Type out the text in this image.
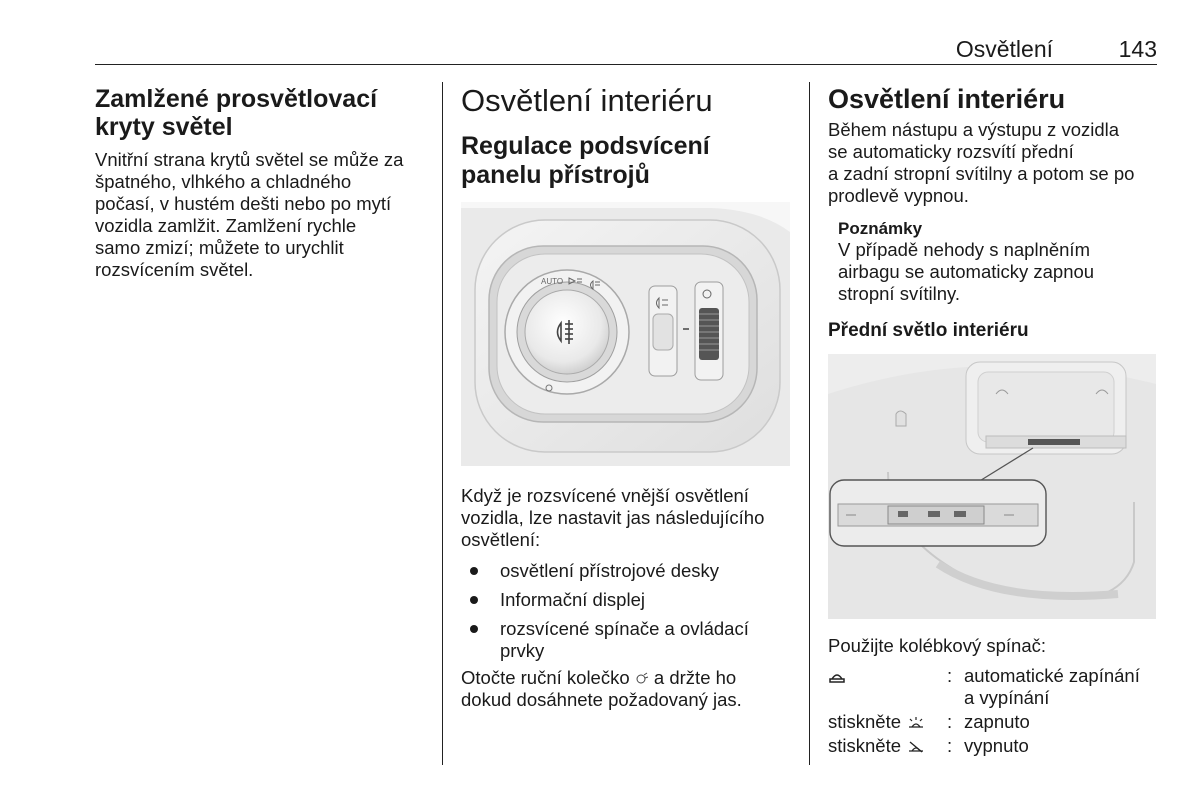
Osvětlení	143
Zamlžené prosvětlovací
kryty světel

Vnitřní strana krytů světel se může za
špatného, vlhkého a chladného
počasí, v hustém dešti nebo po mytí
vozidla zamlžit. Zamlžení rychle
samo zmizí; můžete to urychlit
rozsvícením světel.

Osvětlení interiéru
Regulace podsvícení
panelu přístrojů
AUTO

Když je rozsvícené vnější osvětlení
vozidla, lze nastavit jas následujícího
osvětlení:

osvětlení přístrojové desky
Informační displej
rozsvícené spínače a ovládací
prvky

Otočte ruční kolečko a držte ho
dokud dosáhnete požadovaný jas.

Osvětlení interiéru

Během nástupu a výstupu z vozidla
se automaticky rozsvítí přední
a zadní stropní svítilny a potom se po
prodlevě vypnou.

Poznámky
V případě nehody s naplněním
airbagu se automaticky zapnou
stropní svítilny.
Přední světlo interiéru

Použijte kolébkový spínač:

: automatické zapínání
a vypínání
stiskněte : zapnuto
stiskněte : vypnuto
